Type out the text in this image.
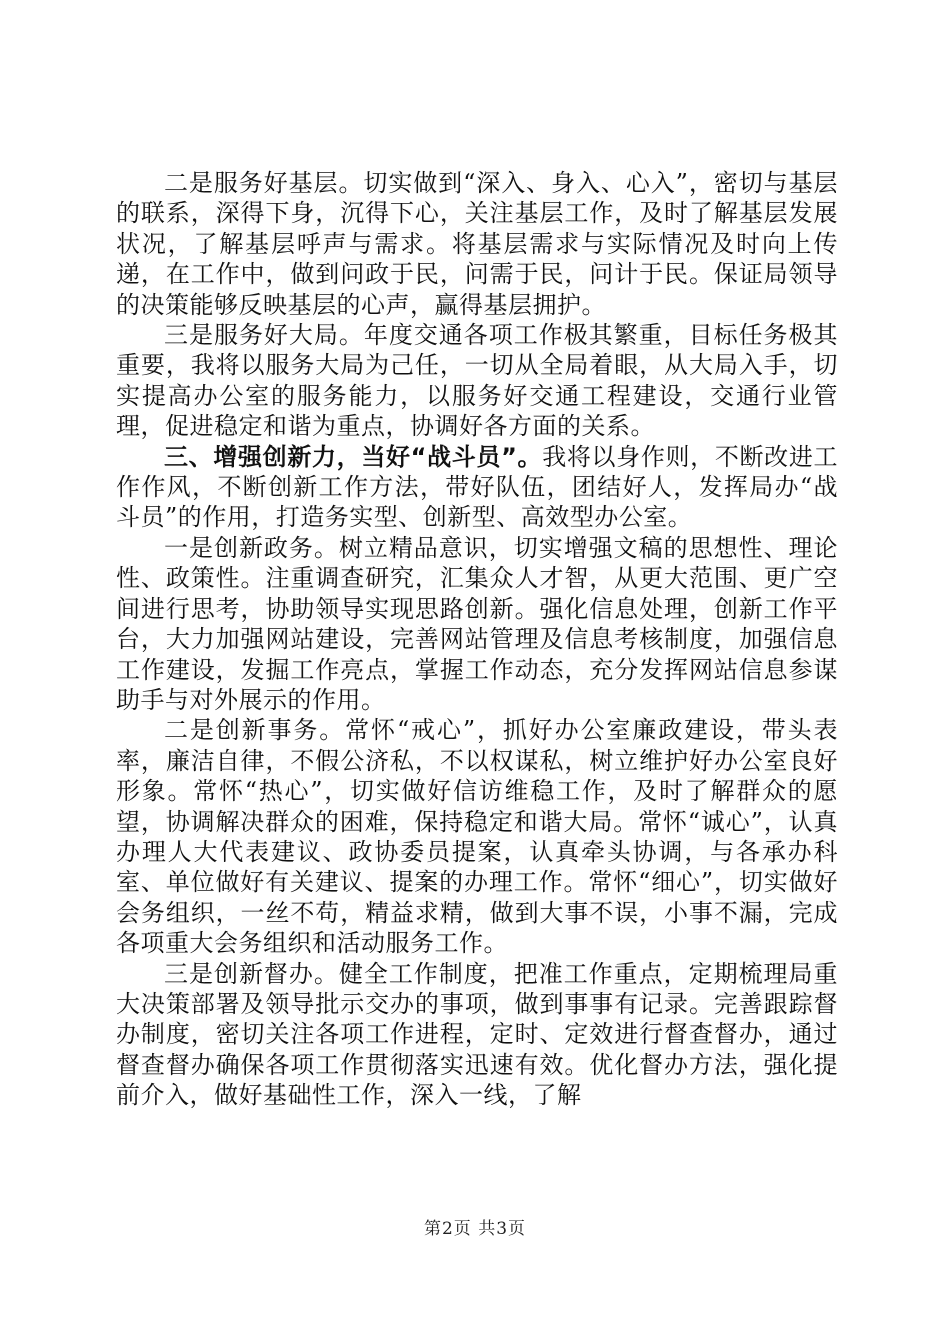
二是服务好基层。切实做到“深入、身入、心入”，密切与基层的联系，深得下身，沉得下心，关注基层工作，及时了解基层发展状况，了解基层呼声与需求。将基层需求与实际情况及时向上传递，在工作中，做到问政于民，问需于民，问计于民。保证局领导的决策能够反映基层的心声，赢得基层拥护。

三是服务好大局。年度交通各项工作极其繁重，目标任务极其重要，我将以服务大局为己任，一切从全局着眼，从大局入手，切实提高办公室的服务能力，以服务好交通工程建设，交通行业管理，促进稳定和谐为重点，协调好各方面的关系。

三、增强创新力，当好“战斗员”。我将以身作则，不断改进工作作风，不断创新工作方法，带好队伍，团结好人，发挥局办“战斗员”的作用，打造务实型、创新型、高效型办公室。

一是创新政务。树立精品意识，切实增强文稿的思想性、理论性、政策性。注重调查研究，汇集众人才智，从更大范围、更广空间进行思考，协助领导实现思路创新。强化信息处理，创新工作平台，大力加强网站建设，完善网站管理及信息考核制度，加强信息工作建设，发掘工作亮点，掌握工作动态，充分发挥网站信息参谋助手与对外展示的作用。

二是创新事务。常怀“戒心”，抓好办公室廉政建设，带头表率，廉洁自律，不假公济私，不以权谋私，树立维护好办公室良好形象。常怀“热心”，切实做好信访维稳工作，及时了解群众的愿望，协调解决群众的困难，保持稳定和谐大局。常怀“诚心”，认真办理人大代表建议、政协委员提案，认真牵头协调，与各承办科室、单位做好有关建议、提案的办理工作。常怀“细心”，切实做好会务组织，一丝不苟，精益求精，做到大事不误，小事不漏，完成各项重大会务组织和活动服务工作。

三是创新督办。健全工作制度，把准工作重点，定期梳理局重大决策部署及领导批示交办的事项，做到事事有记录。完善跟踪督办制度，密切关注各项工作进程，定时、定效进行督查督办，通过督查督办确保各项工作贯彻落实迅速有效。优化督办方法，强化提前介入，做好基础性工作，深入一线，了解

第2页 共3页
